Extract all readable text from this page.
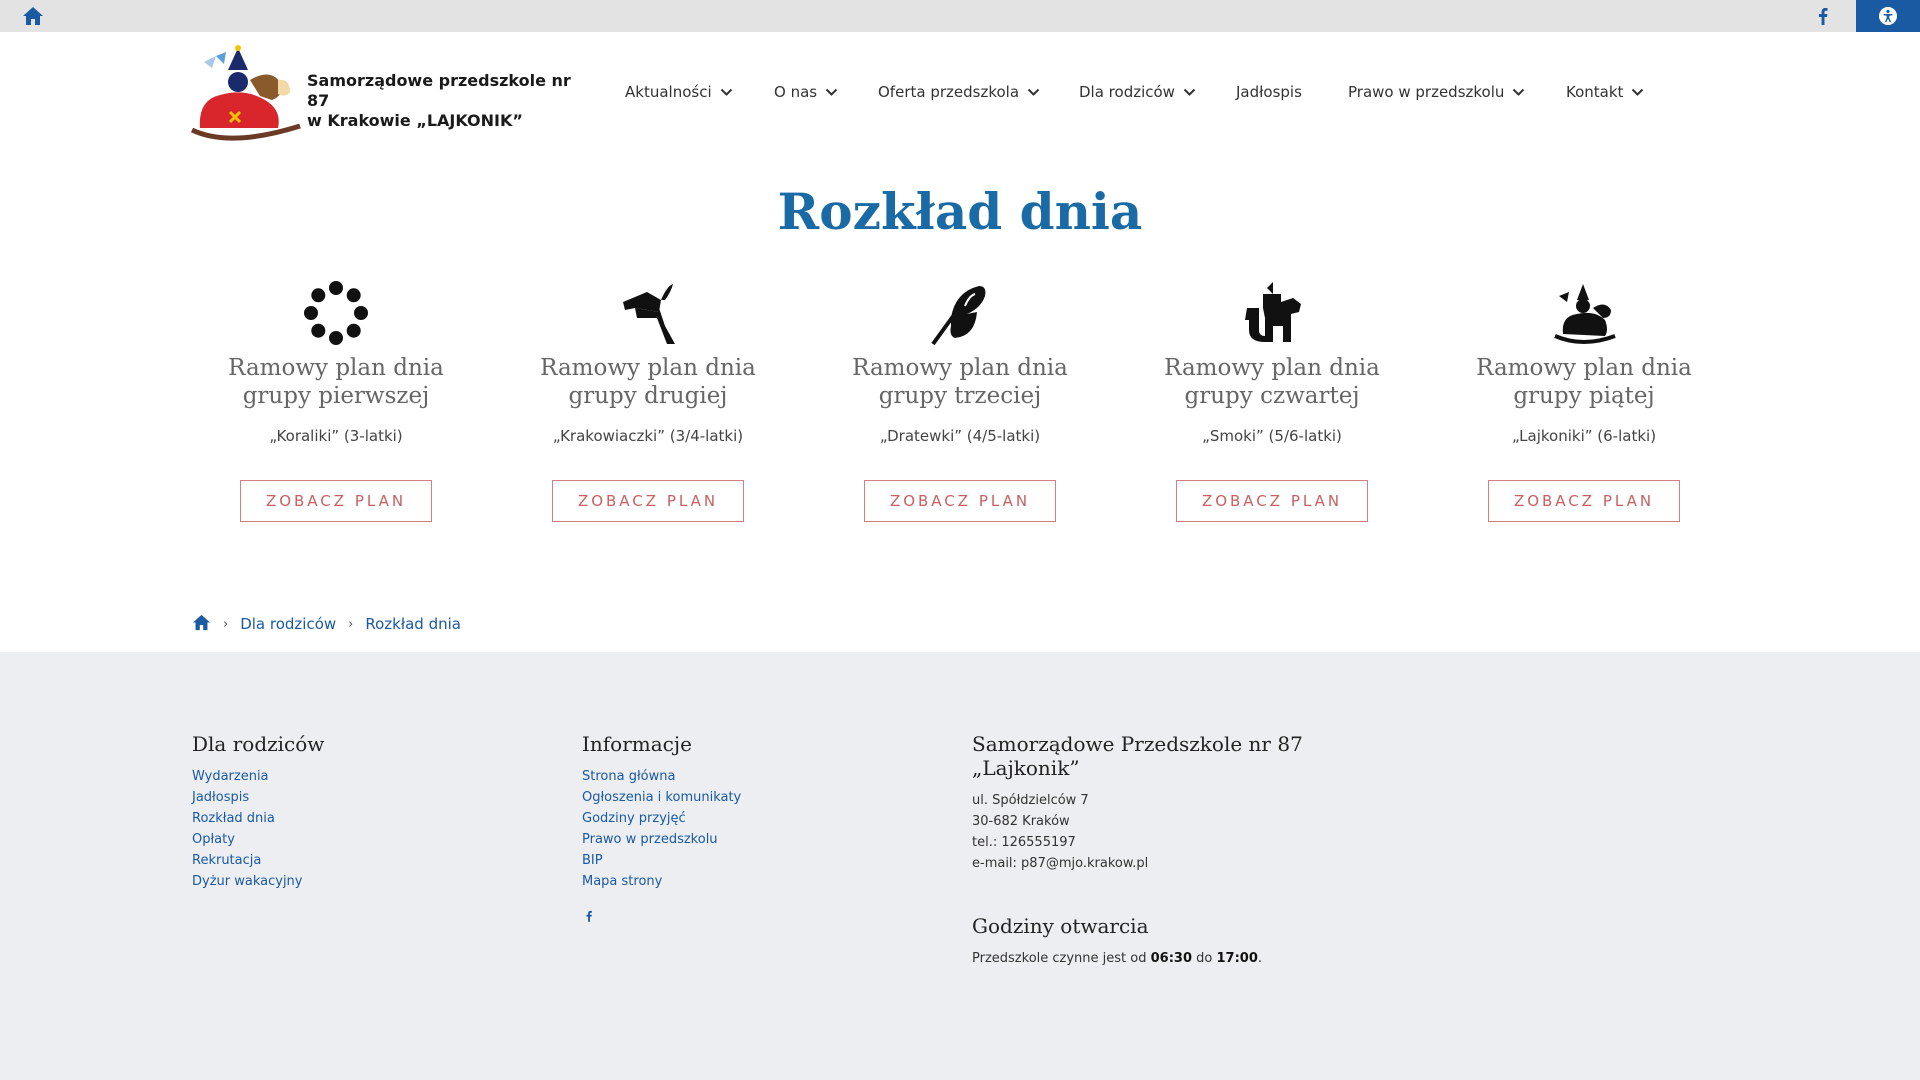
Samorządowe przedszkole nr 87
w Krakowie „LAJKONIK”
Aktualności	O nas	Oferta przedszkola	Dla rodziców	Jadłospis	Prawo w przedszkolu	Kontakt
Rozkład dnia
Ramowy plan dnia
grupy pierwszej
„Koraliki” (3-latki)
ZOBACZ PLAN
Ramowy plan dnia
grupy drugiej
„Krakowiaczki” (3/4-latki)
ZOBACZ PLAN
Ramowy plan dnia
grupy trzeciej
„Dratewki” (4/5-latki)
ZOBACZ PLAN
Ramowy plan dnia
grupy czwartej
„Smoki” (5/6-latki)
ZOBACZ PLAN
Ramowy plan dnia
grupy piątej
„Lajkoniki” (6-latki)
ZOBACZ PLAN
› Dla rodziców › Rozkład dnia
Dla rodziców
Wydarzenia
Jadłospis
Rozkład dnia
Opłaty
Rekrutacja
Dyżur wakacyjny
Informacje
Strona główna
Ogłoszenia i komunikaty
Godziny przyjęć
Prawo w przedszkolu
BIP
Mapa strony
Samorządowe Przedszkole nr 87
„Lajkonik”
ul. Spółdzielców 7
30-682 Kraków
tel.: 126555197
e-mail: p87@mjo.krakow.pl
Godziny otwarcia
Przedszkole czynne jest od 06:30 do 17:00.
